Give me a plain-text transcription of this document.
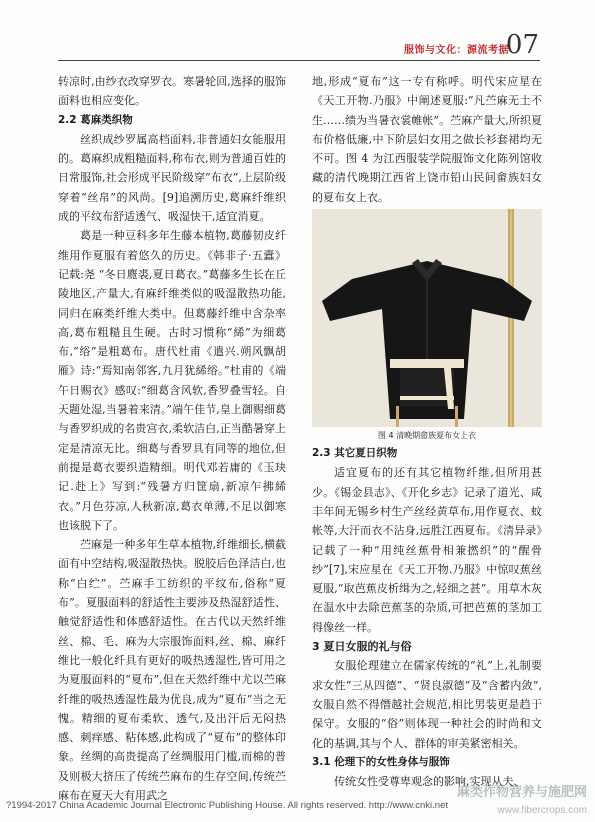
服饰与文化：源流考据
07

转凉时,由纱衣改穿罗衣。寒暑轮回,选择的服饰面料也相应变化。

2.2 葛麻类织物

丝织成纱罗属高档面料,非普通妇女能服用的。葛麻织成粗糙面料,称布衣,则为普通百姓的日常服饰,社会形成平民阶级穿“布衣”,上层阶级穿着“丝帛”的风尚。[9]追溯历史,葛麻纤维织成的平纹布舒适透气、吸湿快干,适宜消夏。

葛是一种豆科多年生藤本植物,葛藤韧皮纤维用作夏服有着悠久的历史。《韩非子·五蠹》记载:尧 “冬日麑裘,夏日葛衣。”葛藤多生长在丘陵地区,产量大,有麻纤维类似的吸湿散热功能,同归在麻类纤维大类中。但葛藤纤维中含杂率高,葛布粗糙且生硬。古时习惯称“絺”为细葛布,“绤”是粗葛布。唐代杜甫《遣兴.朔风飘胡雁》诗:“焉知南邻客,九月犹絺绤。”杜甫的《端午日赐衣》感叹:“细葛含风软,香罗叠雪轻。自天题处湿,当暑着来清。”端午佳节,皇上御赐细葛与香罗织成的名贵宫衣,柔软洁白,正当酷暑穿上定是清凉无比。细葛与香罗具有同等的地位,但前提是葛衣要织造精细。明代邓若庸的《玉玦记.赴上》写到:“残暑方归筐扇,新凉乍拂絺衣。”月色芬凉,人秋新凉,葛衣单薄,不足以御寒也该脱下了。

苎麻是一种多年生草本植物,纤维细长,横截面有中空结构,吸湿散热快。脱胶后色泽洁白,也称“白纻”。苎麻手工纺织的平纹布,俗称“夏布”。夏服面料的舒适性主要涉及热湿舒适性、触觉舒适性和体感舒适性。在古代以天然纤维丝、棉、毛、麻为大宗服饰面料,丝、棉、麻纤维比一般化纤具有更好的吸热透湿性,皆可用之为夏服面料的“夏布”,但在天然纤维中尤以苎麻纤维的吸热透湿性最为优良,成为“夏布”当之无愧。精细的夏布柔软、透气,及出汗后无闷热感、刺痒感、粘体感,此构成了“夏布”的整体印象。丝绸的高贵提高了丝绸服用门槛,而棉的普及则极大挤压了传统苎麻布的生存空间,传统苎麻布在夏天大有用武之

地,形成“夏布”这一专有称呼。明代宋应星在《天工开物.乃服》中阐述夏服:“凡苎麻无土不生……绩为当暑衣裳帷帐”。苎麻产量大,所织夏布价格低廉,中下阶层妇女用之做长衫套裙均无不可。图 4 为江西服装学院服饰文化陈列馆收藏的清代晚期江西省上饶市铅山民间畲族妇女的夏布女上衣。

图 4 清晚期畲族夏布女上衣
2.3 其它夏日织物

适宜夏布的还有其它植物纤维,但所用甚少。《锡金县志》、《开化乡志》记录了道光、咸丰年间无锡乡村生产丝经黄草布,用作夏衣、蚊帐等,大汗而衣不沾身,远胜江西夏布。《清异录》记载了一种“用纯丝蕉骨相兼撚织”的“醒骨纱”[7],宋应星在《天工开物.乃服》中惊叹蕉丝夏服,“取芭蕉皮析缉为之,轻细之甚”。用草木灰在温水中去除芭蕉茎的杂质,可把芭蕉的茎加工得像丝一样。

3 夏日女服的礼与俗

女服伦理建立在儒家传统的“礼”上,礼制要求女性“三从四德”、“贤良淑德”及“含蓄内敛”,女服自然不得僭越社会规范,相比男装更是趋于保守。女服的“俗”则体现一种社会的时尚和文化的基调,其与个人、群体的审美紧密相关。

3.1 伦理下的女性身体与服饰

传统女性受尊卑观念的影响,实现从夫、

?1994-2017 China Academic Journal Electronic Publishing House. All rights reserved. http://www.cnki.net
麻类作物营养与施肥网
www.fibercrops.com
